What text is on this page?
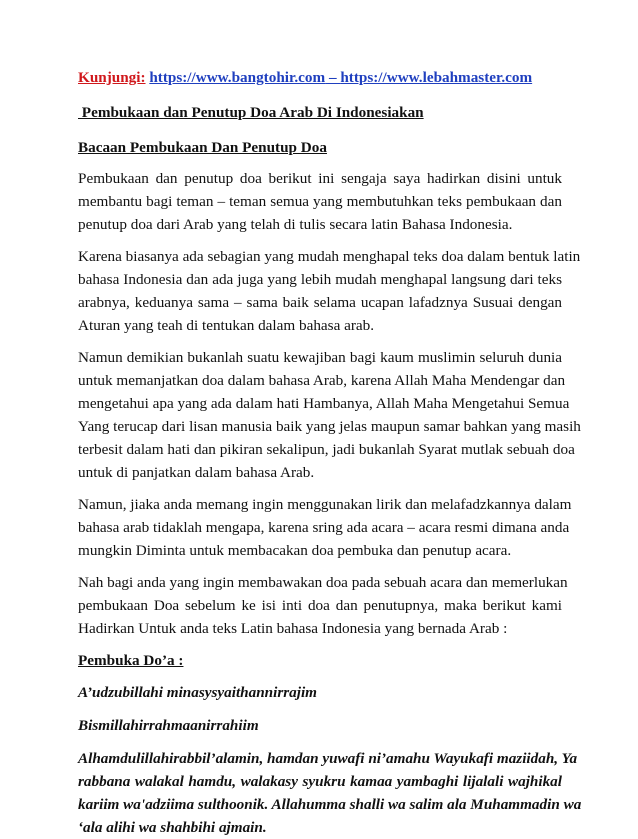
Kunjungi: https://www.bangtohir.com – https://www.lebahmaster.com
Pembukaan dan Penutup Doa Arab Di Indonesiakan
Bacaan Pembukaan Dan Penutup Doa
Pembukaan dan penutup doa berikut ini sengaja saya hadirkan disini untuk
membantu bagi teman – teman semua yang membutuhkan teks pembukaan dan
penutup doa dari Arab yang telah di tulis secara latin Bahasa Indonesia.
Karena biasanya ada sebagian yang mudah menghapal teks doa dalam bentuk latin
bahasa Indonesia dan ada juga yang lebih mudah menghapal langsung dari teks
arabnya, keduanya sama – sama baik selama ucapan lafadznya Susuai dengan
Aturan yang teah di tentukan dalam bahasa arab.
Namun demikian bukanlah suatu kewajiban bagi kaum muslimin seluruh dunia
untuk memanjatkan doa dalam bahasa Arab, karena Allah Maha Mendengar dan
mengetahui apa yang ada dalam hati Hambanya, Allah Maha Mengetahui Semua
Yang terucap dari lisan manusia baik yang jelas maupun samar bahkan yang masih
terbesit dalam hati dan pikiran sekalipun, jadi bukanlah Syarat mutlak sebuah doa
untuk di panjatkan dalam bahasa Arab.
Namun, jiaka anda memang ingin menggunakan lirik dan melafadzkannya dalam
bahasa arab tidaklah mengapa, karena sring ada acara – acara resmi dimana anda
mungkin Diminta untuk membacakan doa pembuka dan penutup acara.
Nah bagi anda yang ingin membawakan doa pada sebuah acara dan memerlukan
pembukaan Doa sebelum ke isi inti doa dan penutupnya, maka berikut kami
Hadirkan Untuk anda teks Latin bahasa Indonesia yang bernada Arab :
Pembuka Do’a :
A’udzubillahi minasysyaithannirrajim
Bismillahirrahmaanirrahiim
Alhamdulillahirabbil’alamin, hamdan yuwafi ni’amahu Wayukafi maziidah, Ya
rabbana walakal hamdu, walakasy syukru kamaa yambaghi lijalali wajhikal
kariim wa'adziima sulthoonik. Allahumma shalli wa salim ala Muhammadin wa
‘ala alihi wa shahbihi ajmain.
